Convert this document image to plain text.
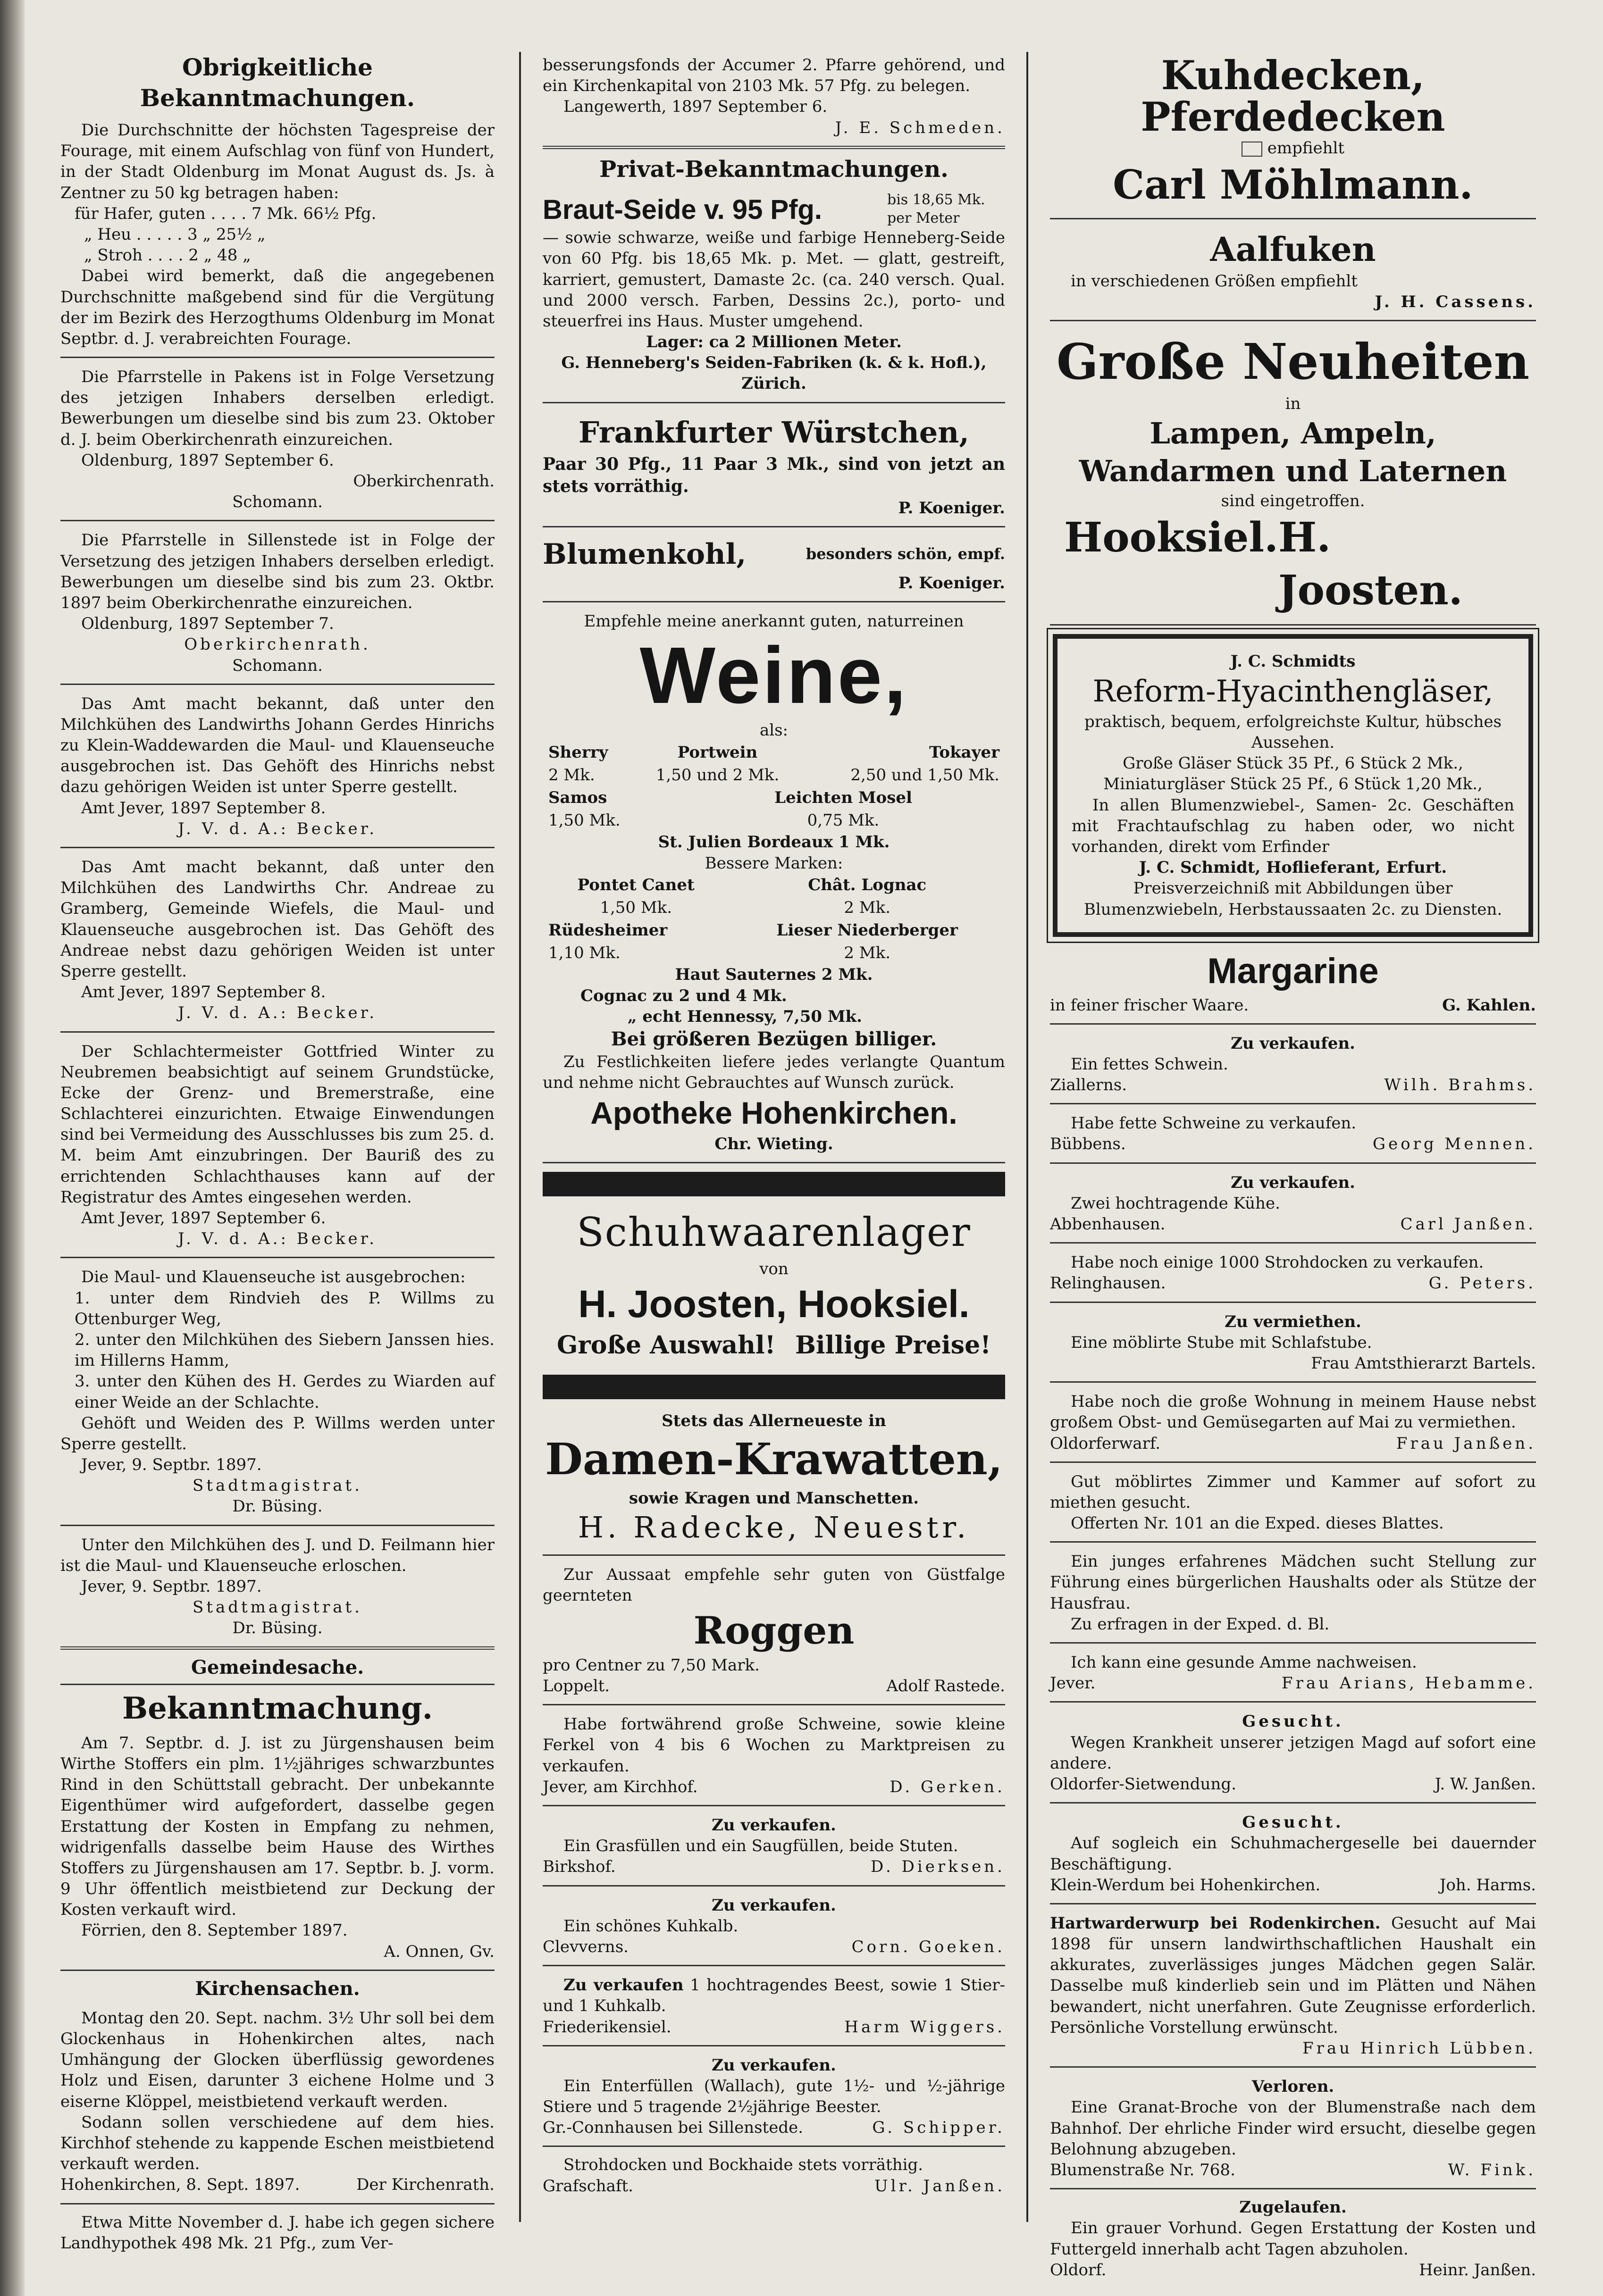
Obrigkeitliche Bekanntmachungen.

Die Durchschnitte der höchsten Tagespreise der Fourage, mit einem Aufschlag von fünf von Hundert, in der Stadt Oldenburg im Monat August ds. Js. à Zentner zu 50 kg betragen haben:

für Hafer, guten . . . . 7 Mk. 66½ Pfg.

„ Heu . . . . . 3 „ 25½ „

„ Stroh . . . . 2 „ 48 „

Dabei wird bemerkt, daß die angegebenen Durchschnitte maßgebend sind für die Vergütung der im Bezirk des Herzogthums Oldenburg im Monat Septbr. d. J. verabreichten Fourage.

Die Pfarrstelle in Pakens ist in Folge Versetzung des jetzigen Inhabers derselben erledigt. Bewerbungen um dieselbe sind bis zum 23. Oktober d. J. beim Oberkirchenrath einzureichen.

Oldenburg, 1897 September 6.

Oberkirchenrath.

Schomann.

Die Pfarrstelle in Sillenstede ist in Folge der Versetzung des jetzigen Inhabers derselben erledigt. Bewerbungen um dieselbe sind bis zum 23. Oktbr. 1897 beim Oberkirchenrathe einzureichen.

Oldenburg, 1897 September 7.

Oberkirchenrath.

Schomann.

Das Amt macht bekannt, daß unter den Milchkühen des Landwirths Johann Gerdes Hinrichs zu Klein-Waddewarden die Maul- und Klauenseuche ausgebrochen ist. Das Gehöft des Hinrichs nebst dazu gehörigen Weiden ist unter Sperre gestellt.

Amt Jever, 1897 September 8.

J. V. d. A.: Becker.

Das Amt macht bekannt, daß unter den Milchkühen des Landwirths Chr. Andreae zu Gramberg, Gemeinde Wiefels, die Maul- und Klauenseuche ausgebrochen ist. Das Gehöft des Andreae nebst dazu gehörigen Weiden ist unter Sperre gestellt.

Amt Jever, 1897 September 8.

J. V. d. A.: Becker.

Der Schlachtermeister Gottfried Winter zu Neubremen beabsichtigt auf seinem Grundstücke, Ecke der Grenz- und Bremerstraße, eine Schlachterei einzurichten. Etwaige Einwendungen sind bei Vermeidung des Ausschlusses bis zum 25. d. M. beim Amt einzubringen. Der Bauriß des zu errichtenden Schlachthauses kann auf der Registratur des Amtes eingesehen werden.

Amt Jever, 1897 September 6.

J. V. d. A.: Becker.

Die Maul- und Klauenseuche ist ausgebrochen:

1. unter dem Rindvieh des P. Willms zu Ottenburger Weg,

2. unter den Milchkühen des Siebern Janssen hies. im Hillerns Hamm,

3. unter den Kühen des H. Gerdes zu Wiarden auf einer Weide an der Schlachte.

Gehöft und Weiden des P. Willms werden unter Sperre gestellt.

Jever, 9. Septbr. 1897.

Stadtmagistrat.

Dr. Büsing.

Unter den Milchkühen des J. und D. Feilmann hier ist die Maul- und Klauenseuche erloschen.

Jever, 9. Septbr. 1897.

Stadtmagistrat.

Dr. Büsing.

Gemeindesache.
Bekanntmachung.

Am 7. Septbr. d. J. ist zu Jürgenshausen beim Wirthe Stoffers ein plm. 1½jähriges schwarzbuntes Rind in den Schüttstall gebracht. Der unbekannte Eigenthümer wird aufgefordert, dasselbe gegen Erstattung der Kosten in Empfang zu nehmen, widrigenfalls dasselbe beim Hause des Wirthes Stoffers zu Jürgenshausen am 17. Septbr. b. J. vorm. 9 Uhr öffentlich meistbietend zur Deckung der Kosten verkauft wird.

Förrien, den 8. September 1897.

A. Onnen, Gv.

Kirchensachen.

Montag den 20. Sept. nachm. 3½ Uhr soll bei dem Glockenhaus in Hohenkirchen altes, nach Umhängung der Glocken überflüssig gewordenes Holz und Eisen, darunter 3 eichene Holme und 3 eiserne Klöppel, meistbietend verkauft werden.

Sodann sollen verschiedene auf dem hies. Kirchhof stehende zu kappende Eschen meistbietend verkauft werden.

Hohenkirchen, 8. Sept. 1897.	Der Kirchenrath.

Etwa Mitte November d. J. habe ich gegen sichere Landhypothek 498 Mk. 21 Pfg., zum Ver-

besserungsfonds der Accumer 2. Pfarre gehörend, und ein Kirchenkapital von 2103 Mk. 57 Pfg. zu belegen.

Langewerth, 1897 September 6.

J. E. Schmeden.

Privat-Bekanntmachungen.
Braut-Seide v. 95 Pfg.	bis 18,65 Mk. per Meter

— sowie schwarze, weiße und farbige Henneberg-Seide von 60 Pfg. bis 18,65 Mk. p. Met. — glatt, gestreift, karriert, gemustert, Damaste 2c. (ca. 240 versch. Qual. und 2000 versch. Farben, Dessins 2c.), porto- und steuerfrei ins Haus. Muster umgehend.

Lager: ca 2 Millionen Meter.

G. Henneberg's Seiden-Fabriken (k. & k. Hofl.), Zürich.

Frankfurter Würstchen,

Paar 30 Pfg., 11 Paar 3 Mk., sind von jetzt an stets vorräthig.

P. Koeniger.

Blumenkohl,	besonders schön, empf.

P. Koeniger.

Empfehle meine anerkannt guten, naturreinen

Weine,

als:

Sherry	Portwein	Tokayer
2 Mk.	1,50 und 2 Mk.	2,50 und 1,50 Mk.
Samos	Leichten Mosel
1,50 Mk.	0,75 Mk.

St. Julien Bordeaux 1 Mk.

Bessere Marken:

Pontet Canet	Chât. Lognac
1,50 Mk.	2 Mk.
Rüdesheimer	Lieser Niederberger
1,10 Mk.	2 Mk.

Haut Sauternes 2 Mk.

Cognac zu 2 und 4 Mk.

„ echt Hennessy, 7,50 Mk.

Bei größeren Bezügen billiger.

Zu Festlichkeiten liefere jedes verlangte Quantum und nehme nicht Gebrauchtes auf Wunsch zurück.

Apotheke Hohenkirchen.

Chr. Wieting.

Schuhwaarenlager

von

H. Joosten, Hooksiel.
Große Auswahl! Billige Preise!

Stets das Allerneueste in

Damen-Krawatten,

sowie Kragen und Manschetten.

H. Radecke, Neuestr.

Zur Aussaat empfehle sehr guten von Güstfalge geernteten

Roggen

pro Centner zu 7,50 Mark.

Loppelt.	Adolf Rastede.

Habe fortwährend große Schweine, sowie kleine Ferkel von 4 bis 6 Wochen zu Marktpreisen zu verkaufen.

Jever, am Kirchhof.	D. Gerken.

Zu verkaufen.

Ein Grasfüllen und ein Saugfüllen, beide Stuten.

Birkshof.	D. Dierksen.

Zu verkaufen.

Ein schönes Kuhkalb.

Clevverns.	Corn. Goeken.

Zu verkaufen 1 hochtragendes Beest, sowie 1 Stier- und 1 Kuhkalb.

Friederikensiel.	Harm Wiggers.

Zu verkaufen.

Ein Enterfüllen (Wallach), gute 1½- und ½-jährige Stiere und 5 tragende 2½jährige Beester.

Gr.-Connhausen bei Sillenstede.	G. Schipper.

Strohdocken und Bockhaide stets vorräthig.

Grafschaft.	Ulr. Janßen.
Kuhdecken,
Pferdedecken

empfiehlt

Carl Möhlmann.
Aalfuken

in verschiedenen Größen empfiehlt

J. H. Cassens.

Große Neuheiten

in

Lampen, Ampeln,
Wandarmen und Laternen

sind eingetroffen.

Hooksiel. H. Joosten.

J. C. Schmidts

Reform-Hyacinthengläser,

praktisch, bequem, erfolgreichste Kultur, hübsches Aussehen.

Große Gläser Stück 35 Pf., 6 Stück 2 Mk.,

Miniaturgläser Stück 25 Pf., 6 Stück 1,20 Mk.,

In allen Blumenzwiebel-, Samen- 2c. Geschäften mit Frachtaufschlag zu haben oder, wo nicht vorhanden, direkt vom Erfinder

J. C. Schmidt, Hoflieferant, Erfurt.

Preisverzeichniß mit Abbildungen über Blumenzwiebeln, Herbstaussaaten 2c. zu Diensten.

Margarine
in feiner frischer Waare.	G. Kahlen.

Zu verkaufen.

Ein fettes Schwein.

Ziallerns.	Wilh. Brahms.

Habe fette Schweine zu verkaufen.

Bübbens.	Georg Mennen.

Zu verkaufen.

Zwei hochtragende Kühe.

Abbenhausen.	Carl Janßen.

Habe noch einige 1000 Strohdocken zu verkaufen.

Relinghausen.	G. Peters.

Zu vermiethen.

Eine möblirte Stube mit Schlafstube.

Frau Amtsthierarzt Bartels.

Habe noch die große Wohnung in meinem Hause nebst großem Obst- und Gemüsegarten auf Mai zu vermiethen.

Oldorferwarf.	Frau Janßen.

Gut möblirtes Zimmer und Kammer auf sofort zu miethen gesucht.

Offerten Nr. 101 an die Exped. dieses Blattes.

Ein junges erfahrenes Mädchen sucht Stellung zur Führung eines bürgerlichen Haushalts oder als Stütze der Hausfrau.

Zu erfragen in der Exped. d. Bl.

Ich kann eine gesunde Amme nachweisen.

Jever.	Frau Arians, Hebamme.

Gesucht.

Wegen Krankheit unserer jetzigen Magd auf sofort eine andere.

Oldorfer-Sietwendung.	J. W. Janßen.

Gesucht.

Auf sogleich ein Schuhmachergeselle bei dauernder Beschäftigung.

Klein-Werdum bei Hohenkirchen.	Joh. Harms.

Hartwarderwurp bei Rodenkirchen. Gesucht auf Mai 1898 für unsern landwirthschaftlichen Haushalt ein akkurates, zuverlässiges junges Mädchen gegen Salär. Dasselbe muß kinderlieb sein und im Plätten und Nähen bewandert, nicht unerfahren. Gute Zeugnisse erforderlich. Persönliche Vorstellung erwünscht.

Frau Hinrich Lübben.

Verloren.

Eine Granat-Broche von der Blumenstraße nach dem Bahnhof. Der ehrliche Finder wird ersucht, dieselbe gegen Belohnung abzugeben.

Blumenstraße Nr. 768.	W. Fink.

Zugelaufen.

Ein grauer Vorhund. Gegen Erstattung der Kosten und Futtergeld innerhalb acht Tagen abzuholen.

Oldorf.	Heinr. Janßen.
